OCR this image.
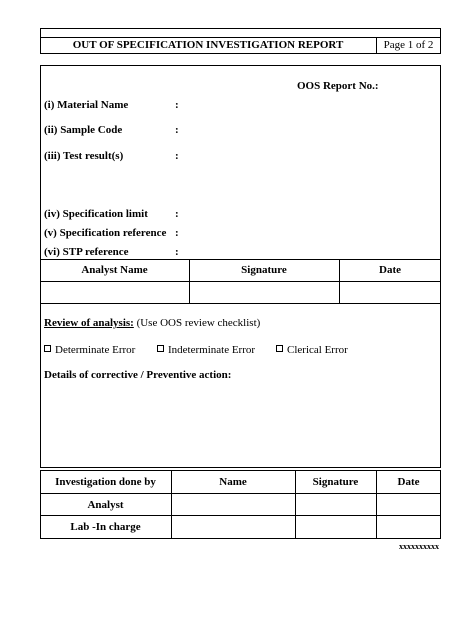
OUT OF SPECIFICATION INVESTIGATION REPORT	Page 1 of 2
OOS Report No.:
(i) Material Name	:
(ii) Sample Code	:
(iii) Test result(s)	:
(iv) Specification limit :
(v) Specification reference :
(vi) STP reference	:
Analyst Name	Signature	Date
Review of analysis: (Use OOS review checklist)
Determinate Error	Indeterminate Error	Clerical Error
Details of corrective / Preventive action:
Investigation done by	Name	Signature	Date
Analyst
Lab -In charge
xxxxxxxxxx
